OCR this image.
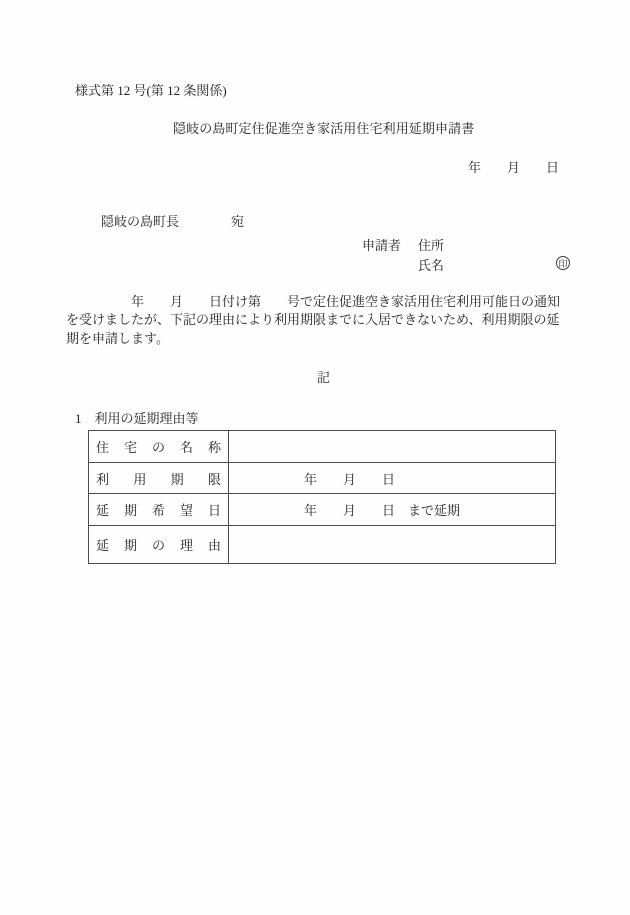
様式第 12 号(第 12 条関係)
隠岐の島町定住促進空き家活用住宅利用延期申請書
年　　月　　日

隠岐の島町長	宛

申請者 住所
氏名	印
　　　　　年　　月　　日付け第　　号で定住促進空き家活用住宅利用可能日の通知
を受けましたが、下記の理由により利用期限までに入居できないため、利用期限の延
期を申請します。
記
1　利用の延期理由等
住宅の名称	
利用期限	年　　月　　日
延期希望日	年　　月　　日　まで延期
延期の理由	
